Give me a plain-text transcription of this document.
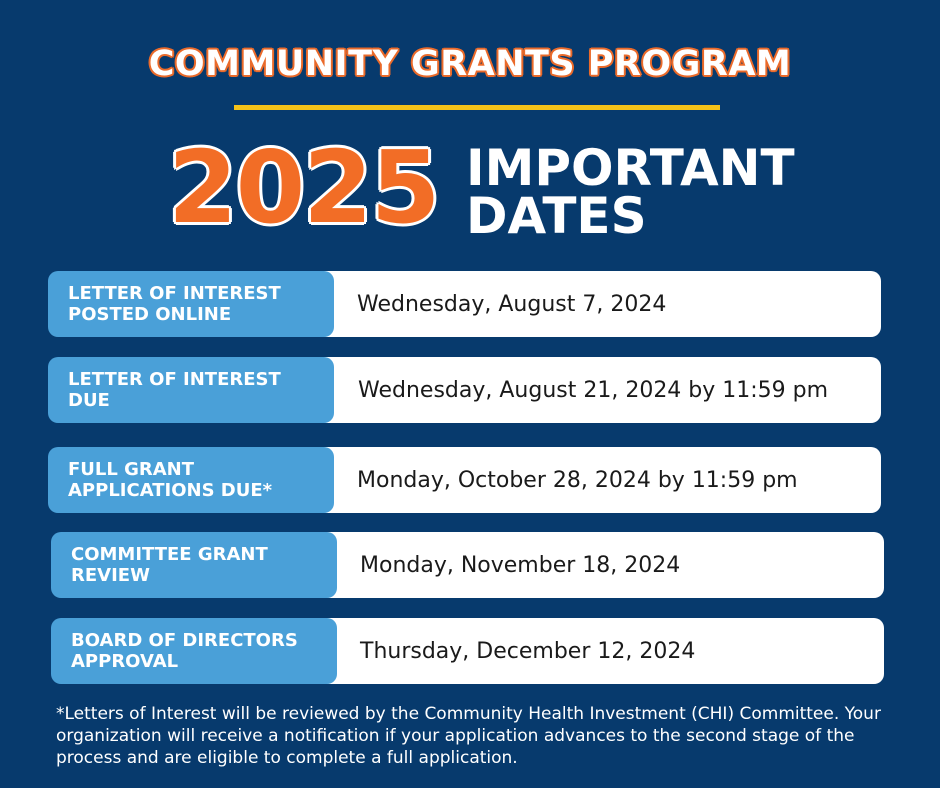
COMMUNITY GRANTS PROGRAM
2025 IMPORTANT
DATES
LETTER OF INTEREST POSTED ONLINE	Wednesday, August 7, 2024
LETTER OF INTEREST DUE	Wednesday, August 21, 2024 by 11:59 pm
FULL GRANT APPLICATIONS DUE*	Monday, October 28, 2024 by 11:59 pm
COMMITTEE GRANT REVIEW	Monday, November 18, 2024
BOARD OF DIRECTORS APPROVAL	Thursday, December 12, 2024
*Letters of Interest will be reviewed by the Community Health Investment (CHI) Committee. Your organization will receive a notification if your application advances to the second stage of the process and are eligible to complete a full application.
